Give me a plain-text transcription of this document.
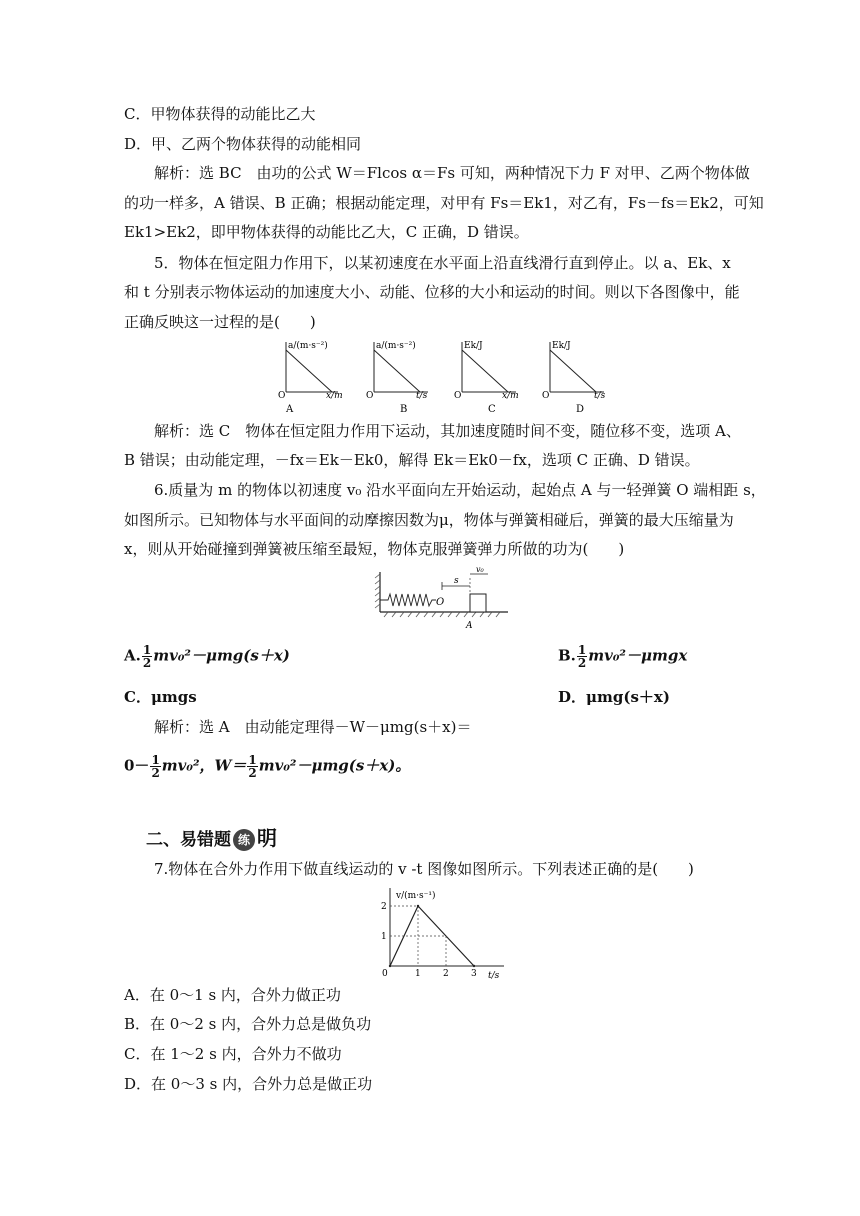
C．甲物体获得的动能比乙大
D．甲、乙两个物体获得的动能相同
解析：选 BC　由功的公式 W＝Flcos α＝Fs 可知，两种情况下力 F 对甲、乙两个物体做
的功一样多，A 错误、B 正确；根据动能定理，对甲有 Fs＝Ek1，对乙有，Fs－fs＝Ek2，可知
Ek1>Ek2，即甲物体获得的动能比乙大，C 正确，D 错误。
5．物体在恒定阻力作用下，以某初速度在水平面上沿直线滑行直到停止。以 a、Ek、x
和 t 分别表示物体运动的加速度大小、动能、位移的大小和运动的时间。则以下各图像中，能
正确反映这一过程的是(　　)
a/(m·s⁻²)
x/m
O
A
a/(m·s⁻²)
t/s
O
B
Ek/J
x/m
O
C
Ek/J
t/s
O
D
解析：选 C　物体在恒定阻力作用下运动，其加速度随时间不变，随位移不变，选项 A、
B 错误；由动能定理，－fx＝Ek－Ek0，解得 Ek＝Ek0－fx，选项 C 正确、D 错误。
6.质量为 m 的物体以初速度 v₀ 沿水平面向左开始运动，起始点 A 与一轻弹簧 O 端相距 s，
如图所示。已知物体与水平面间的动摩擦因数为μ，物体与弹簧相碰后，弹簧的最大压缩量为
x，则从开始碰撞到弹簧被压缩至最短，物体克服弹簧弹力所做的功为(　　)
O
s
v₀
A
A. $\frac{1}{2} mv_0^2-\mu mg(s+x)$	B. $\frac{1}{2} mv_0^2-\mu mgx$
C．μmgs	D．μmg(s＋x)
解析：选 A　由动能定理得－W－μmg(s＋x)＝
$0- \frac{1}{2} mv_0^2$，$W= \frac{1}{2} mv_0^2-\mu mg(s+x)$。
二、易错题 练 明
7.物体在合外力作用下做直线运动的 v -t 图像如图所示。下列表述正确的是(　　)
v/(m·s⁻¹)
t/s
0	1 2 3
1
2
A．在 0～1 s 内，合外力做正功
B．在 0～2 s 内，合外力总是做负功
C．在 1～2 s 内，合外力不做功
D．在 0～3 s 内，合外力总是做正功
